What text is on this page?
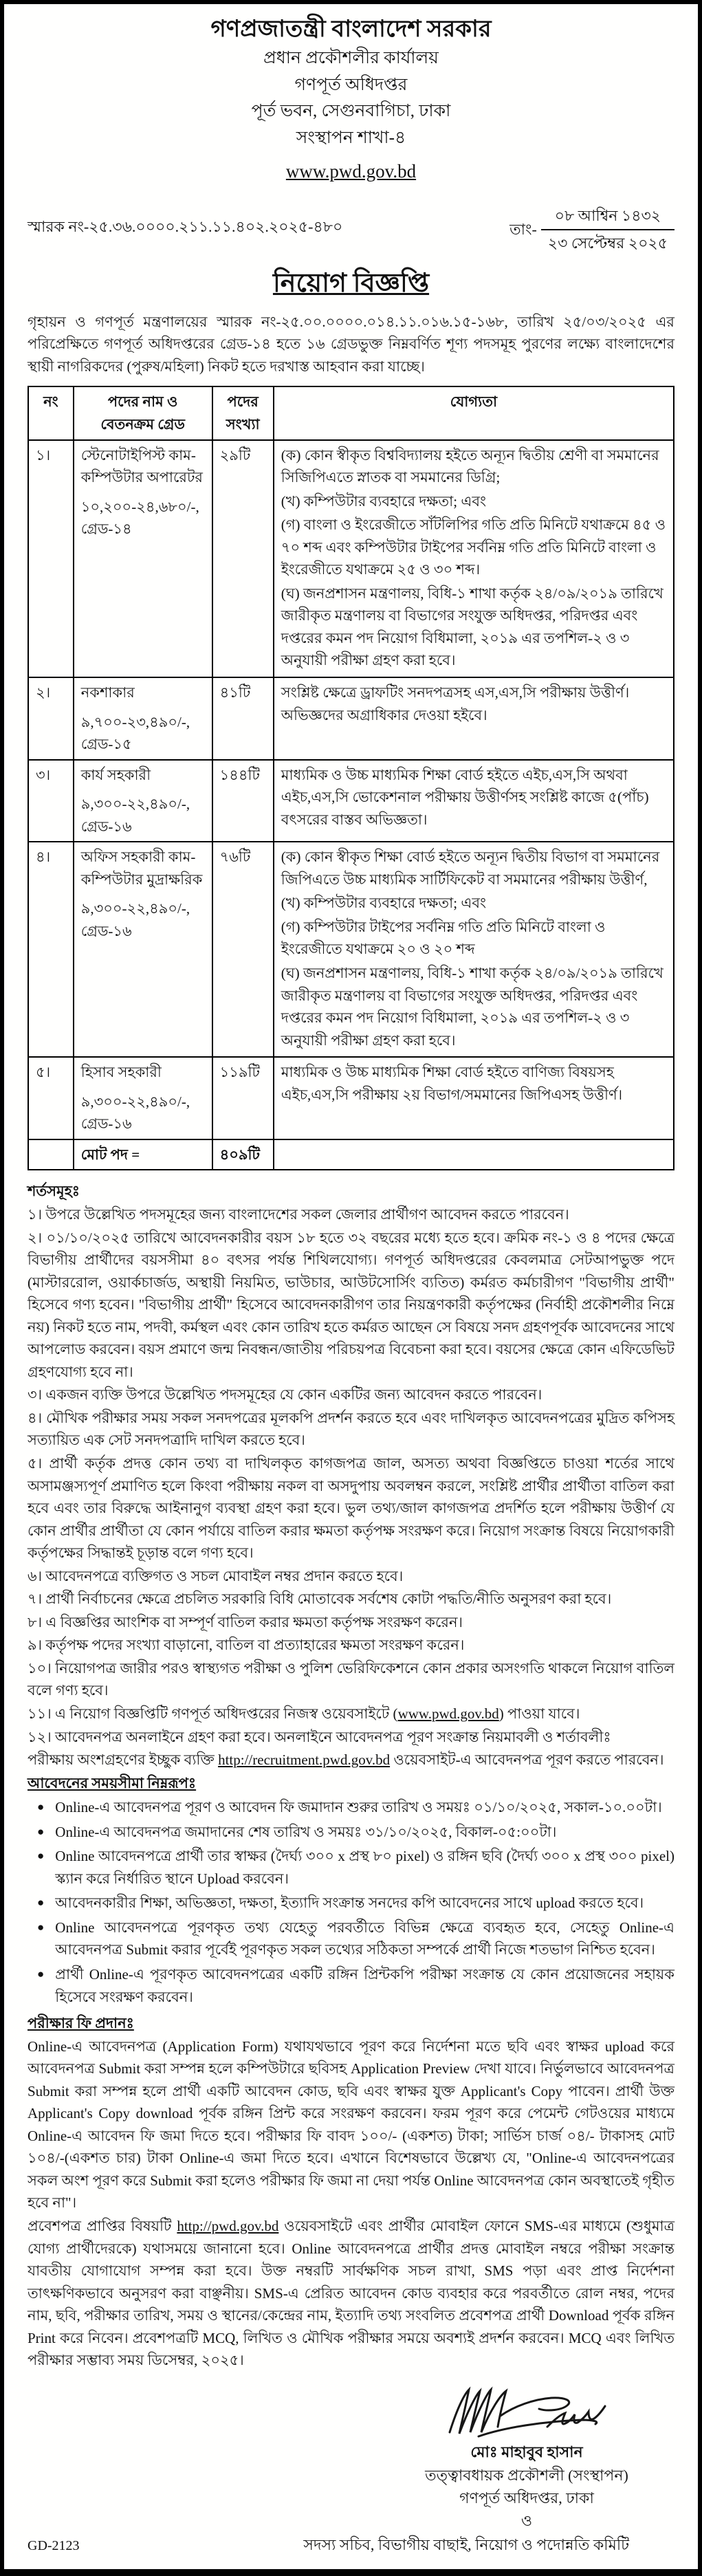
গণপ্রজাতন্ত্রী বাংলাদেশ সরকার
প্রধান প্রকৌশলীর কার্যালয়
গণপূর্ত অধিদপ্তর
পূর্ত ভবন, সেগুনবাগিচা, ঢাকা
সংস্থাপন শাখা-৪
www.pwd.gov.bd
স্মারক নং-২৫.৩৬.০০০০.২১১.১১.৪০২.২০২৫-৪৮০	তাং-
০৮ আশ্বিন ১৪৩২
২৩ সেপ্টেম্বর ২০২৫
নিয়োগ বিজ্ঞপ্তি

গৃহায়ন ও গণপূর্ত মন্ত্রণালয়ের স্মারক নং-২৫.০০.০০০০.০১৪.১১.০১৬.১৫-১৬৮, তারিখ ২৫/০৩/২০২৫ এর পরিপ্রেক্ষিতে গণপূর্ত অধিদপ্তরের গ্রেড-১৪ হতে ১৬ গ্রেডভুক্ত নিম্নবর্ণিত শূণ্য পদসমূহ পুরণের লক্ষ্যে বাংলাদেশের স্থায়ী নাগরিকদের (পুরুষ/মহিলা) নিকট হতে দরখাস্ত আহবান করা যাচ্ছে।

নং	পদের নাম ও বেতনক্রম গ্রেড	পদের সংখ্যা	যোগ্যতা
১।	স্টেনোটাইপিস্ট কাম-কম্পিউটার অপারেটর
১০,২০০-২৪,৬৮০/-, গ্রেড-১৪
	২৯টি	(ক) কোন স্বীকৃত বিশ্ববিদ্যালয় হইতে অন্যূন দ্বিতীয় শ্রেণী বা সমমানের সিজিপিএতে স্নাতক বা সমমানের ডিগ্রি;
(খ) কম্পিউটার ব্যবহারে দক্ষতা; এবং
(গ) বাংলা ও ইংরেজীতে সাঁটলিপির গতি প্রতি মিনিটে যথাক্রমে ৪৫ ও ৭০ শব্দ এবং কম্পিউটার টাইপের সর্বনিম্ন গতি প্রতি মিনিটে বাংলা ও ইংরেজীতে যথাক্রমে ২৫ ও ৩০ শব্দ।
(ঘ) জনপ্রশাসন মন্ত্রণালয়, বিধি-১ শাখা কর্তৃক ২৪/০৯/২০১৯ তারিখে জারীকৃত মন্ত্রণালয় বা বিভাগের সংযুক্ত অধিদপ্তর, পরিদপ্তর এবং দপ্তরের কমন পদ নিয়োগ বিধিমালা, ২০১৯ এর তপশিল-২ ও ৩ অনুযায়ী পরীক্ষা গ্রহণ করা হবে।

২।	নকশাকার
৯,৭০০-২৩,৪৯০/-, গ্রেড-১৫	৪১টি	সংশ্লিষ্ট ক্ষেত্রে ড্রাফটিং সনদপত্রসহ এস,এস,সি পরীক্ষায় উত্তীর্ণ। অভিজ্ঞদের অগ্রাধিকার দেওয়া হইবে।

৩।	কার্য সহকারী
৯,৩০০-২২,৪৯০/-, গ্রেড-১৬	১৪৪টি	মাধ্যমিক ও উচ্চ মাধ্যমিক শিক্ষা বোর্ড হইতে এইচ,এস,সি অথবা এইচ,এস,সি ভোকেশনাল পরীক্ষায় উত্তীর্ণসহ সংশ্লিষ্ট কাজে ৫(পাঁচ) বৎসরের বাস্তব অভিজ্ঞতা।

৪।	অফিস সহকারী কাম-কম্পিউটার মুদ্রাক্ষরিক
৯,৩০০-২২,৪৯০/-, গ্রেড-১৬
	৭৬টি	(ক) কোন স্বীকৃত শিক্ষা বোর্ড হইতে অন্যূন দ্বিতীয় বিভাগ বা সমমানের জিপিএতে উচ্চ মাধ্যমিক সার্টিফিকেট বা সমমানের পরীক্ষায় উত্তীর্ণ,
(খ) কম্পিউটার ব্যবহারে দক্ষতা; এবং
(গ) কম্পিউটার টাইপের সর্বনিম্ন গতি প্রতি মিনিটে বাংলা ও ইংরেজীতে যথাক্রমে ২০ ও ২০ শব্দ
(ঘ) জনপ্রশাসন মন্ত্রণালয়, বিধি-১ শাখা কর্তৃক ২৪/০৯/২০১৯ তারিখে জারীকৃত মন্ত্রণালয় বা বিভাগের সংযুক্ত অধিদপ্তর, পরিদপ্তর এবং দপ্তরের কমন পদ নিয়োগ বিধিমালা, ২০১৯ এর তপশিল-২ ও ৩ অনুযায়ী পরীক্ষা গ্রহণ করা হবে।

৫।	হিসাব সহকারী
৯,৩০০-২২,৪৯০/-, গ্রেড-১৬	১১৯টি	মাধ্যমিক ও উচ্চ মাধ্যমিক শিক্ষা বোর্ড হইতে বাণিজ্য বিষয়সহ এইচ,এস,সি পরীক্ষায় ২য় বিভাগ/সমমানের জিপিএসহ উত্তীর্ণ।

	মোট পদ =	৪০৯টি	
শর্তসমূহঃ

১। উপরে উল্লেখিত পদসমূহের জন্য বাংলাদেশের সকল জেলার প্রার্থীগণ আবেদন করতে পারবেন।

২। ০১/১০/২০২৫ তারিখে আবেদনকারীর বয়স ১৮ হতে ৩২ বছরের মধ্যে হতে হবে। ক্রমিক নং-১ ও ৪ পদের ক্ষেত্রে বিভাগীয় প্রার্থীদের বয়সসীমা ৪০ বৎসর পর্যন্ত শিথিলযোগ্য। গণপূর্ত অধিদপ্তরের কেবলমাত্র সেটআপভুক্ত পদে (মাস্টাররোল, ওয়ার্কচার্জড, অস্থায়ী নিয়মিত, ভাউচার, আউটসোর্সিং ব্যতিত) কর্মরত কর্মচারীগণ "বিভাগীয় প্রার্থী" হিসেবে গণ্য হবেন। "বিভাগীয় প্রার্থী" হিসেবে আবেদনকারীগণ তার নিয়ন্ত্রণকারী কর্তৃপক্ষের (নির্বাহী প্রকৌশলীর নিম্নে নয়) নিকট হতে নাম, পদবী, কর্মস্থল এবং কোন তারিখ হতে কর্মরত আছেন সে বিষয়ে সনদ গ্রহণপূর্বক আবেদনের সাথে আপলোড করবেন। বয়স প্রমাণে জন্ম নিবন্ধন/জাতীয় পরিচয়পত্র বিবেচনা করা হবে। বয়সের ক্ষেত্রে কোন এফিডেভিট গ্রহণযোগ্য হবে না।

৩। একজন ব্যক্তি উপরে উল্লেখিত পদসমূহের যে কোন একটির জন্য আবেদন করতে পারবেন।

৪। মৌখিক পরীক্ষার সময় সকল সনদপত্রের মূলকপি প্রদর্শন করতে হবে এবং দাখিলকৃত আবেদনপত্রের মুদ্রিত কপিসহ সত্যায়িত এক সেট সনদপত্রাদি দাখিল করতে হবে।

৫। প্রার্থী কর্তৃক প্রদত্ত কোন তথ্য বা দাখিলকৃত কাগজপত্র জাল, অসত্য অথবা বিজ্ঞপ্তিতে চাওয়া শর্তের সাথে অসামঞ্জস্যপূর্ণ প্রমাণিত হলে কিংবা পরীক্ষায় নকল বা অসদুপায় অবলম্বন করলে, সংশ্লিষ্ট প্রার্থীর প্রার্থীতা বাতিল করা হবে এবং তার বিরুদ্ধে আইনানুগ ব্যবস্থা গ্রহণ করা হবে। ভুল তথ্য/জাল কাগজপত্র প্রদর্শিত হলে পরীক্ষায় উত্তীর্ণ যে কোন প্রার্থীর প্রার্থীতা যে কোন পর্যায়ে বাতিল করার ক্ষমতা কর্তৃপক্ষ সংরক্ষণ করে। নিয়োগ সংক্রান্ত বিষয়ে নিয়োগকারী কর্তৃপক্ষের সিদ্ধান্তই চূড়ান্ত বলে গণ্য হবে।

৬। আবেদনপত্রে ব্যক্তিগত ও সচল মোবাইল নম্বর প্রদান করতে হবে।

৭। প্রার্থী নির্বাচনের ক্ষেত্রে প্রচলিত সরকারি বিধি মোতাবেক সর্বশেষ কোটা পদ্ধতি/নীতি অনুসরণ করা হবে।

৮। এ বিজ্ঞপ্তির আংশিক বা সম্পূর্ণ বাতিল করার ক্ষমতা কর্তৃপক্ষ সংরক্ষণ করেন।

৯। কর্তৃপক্ষ পদের সংখ্যা বাড়ানো, বাতিল বা প্রত্যাহারের ক্ষমতা সংরক্ষণ করেন।

১০। নিয়োগপত্র জারীর পরও স্বাস্থ্যগত পরীক্ষা ও পুলিশ ভেরিফিকেশনে কোন প্রকার অসংগতি থাকলে নিয়োগ বাতিল বলে গণ্য হবে।

১১। এ নিয়োগ বিজ্ঞপ্তিটি গণপূর্ত অধিদপ্তরের নিজস্ব ওয়েবসাইটে (www.pwd.gov.bd) পাওয়া যাবে।

১২। আবেদনপত্র অনলাইনে গ্রহণ করা হবে। অনলাইনে আবেদনপত্র পূরণ সংক্রান্ত নিয়মাবলী ও শর্তাবলীঃ

পরীক্ষায় অংশগ্রহণের ইচ্ছুক ব্যক্তি http://recruitment.pwd.gov.bd ওয়েবসাইট-এ আবেদনপত্র পূরণ করতে পারবেন।

আবেদনের সময়সীমা নিম্নরূপঃ
● Online-এ আবেদনপত্র পূরণ ও আবেদন ফি জমাদান শুরুর তারিখ ও সময়ঃ ০১/১০/২০২৫, সকাল-১০.০০টা।
● Online-এ আবেদনপত্র জমাদানের শেষ তারিখ ও সময়ঃ ৩১/১০/২০২৫, বিকাল-০৫:০০টা।
● Online আবেদনপত্রে প্রার্থী তার স্বাক্ষর (দৈর্ঘ্য ৩০০ x প্রস্থ ৮০ pixel) ও রঙ্গিন ছবি (দৈর্ঘ্য ৩০০ x প্রস্থ ৩০০ pixel) স্ক্যান করে নির্ধারিত স্থানে Upload করবেন।
● আবেদনকারীর শিক্ষা, অভিজ্ঞতা, দক্ষতা, ইত্যাদি সংক্রান্ত সনদের কপি আবেদনের সাথে upload করতে হবে।
● Online আবেদনপত্রে পূরণকৃত তথ্য যেহেতু পরবর্তীতে বিভিন্ন ক্ষেত্রে ব্যবহৃত হবে, সেহেতু Online-এ আবেদনপত্র Submit করার পূর্বেই পূরণকৃত সকল তথ্যের সঠিকতা সম্পর্কে প্রার্থী নিজে শতভাগ নিশ্চিত হবেন।
● প্রার্থী Online-এ পূরণকৃত আবেদনপত্রের একটি রঙ্গিন প্রিন্টকপি পরীক্ষা সংক্রান্ত যে কোন প্রয়োজনের সহায়ক হিসেবে সংরক্ষণ করবেন।
পরীক্ষার ফি প্রদানঃ

Online-এ আবেদনপত্র (Application Form) যথাযথভাবে পূরণ করে নির্দেশনা মতে ছবি এবং স্বাক্ষর upload করে আবেদনপত্র Submit করা সম্পন্ন হলে কম্পিউটারে ছবিসহ Application Preview দেখা যাবে। নির্ভুলভাবে আবেদনপত্র Submit করা সম্পন্ন হলে প্রার্থী একটি আবেদন কোড, ছবি এবং স্বাক্ষর যুক্ত Applicant's Copy পাবেন। প্রার্থী উক্ত Applicant's Copy download পূর্বক রঙ্গিন প্রিন্ট করে সংরক্ষণ করবেন। ফরম পূরণ করে পেমেন্ট গেটওয়ের মাধ্যমে Online-এ আবেদন ফি জমা দিতে হবে। পরীক্ষার ফি বাবদ ১০০/- (একশত) টাকা; সার্ভিস চার্জ ০৪/- টাকাসহ মোট ১০৪/-(একশত চার) টাকা Online-এ জমা দিতে হবে। এখানে বিশেষভাবে উল্লেখ্য যে, "Online-এ আবেদনপত্রের সকল অংশ পূরণ করে Submit করা হলেও পরীক্ষার ফি জমা না দেয়া পর্যন্ত Online আবেদনপত্র কোন অবস্থাতেই গৃহীত হবে না"।

প্রবেশপত্র প্রাপ্তির বিষয়টি http://pwd.gov.bd ওয়েবসাইটে এবং প্রার্থীর মোবাইল ফোনে SMS-এর মাধ্যমে (শুধুমাত্র যোগ্য প্রার্থীদেরকে) যথাসময়ে জানানো হবে। Online আবেদনপত্রে প্রার্থীর প্রদত্ত মোবাইল নম্বরে পরীক্ষা সংক্রান্ত যাবতীয় যোগাযোগ সম্পন্ন করা হবে। উক্ত নম্বরটি সার্বক্ষণিক সচল রাখা, SMS পড়া এবং প্রাপ্ত নির্দেশনা তাৎক্ষণিকভাবে অনুসরণ করা বাঞ্ছনীয়। SMS-এ প্রেরিত আবেদন কোড ব্যবহার করে পরবর্তীতে রোল নম্বর, পদের নাম, ছবি, পরীক্ষার তারিখ, সময় ও স্থানের/কেন্দ্রের নাম, ইত্যাদি তথ্য সংবলিত প্রবেশপত্র প্রার্থী Download পূর্বক রঙ্গিন Print করে নিবেন। প্রবেশপত্রটি MCQ, লিখিত ও মৌখিক পরীক্ষার সময়ে অবশ্যই প্রদর্শন করবেন। MCQ এবং লিখিত পরীক্ষার সম্ভাব্য সময় ডিসেম্বর, ২০২৫।

মোঃ মাহাবুব হাসান
তত্ত্বাবধায়ক প্রকৌশলী (সংস্থাপন)
গণপূর্ত অধিদপ্তর, ঢাকা
ও
GD-2123	সদস্য সচিব, বিভাগীয় বাছাই, নিয়োগ ও পদোন্নতি কমিটি
